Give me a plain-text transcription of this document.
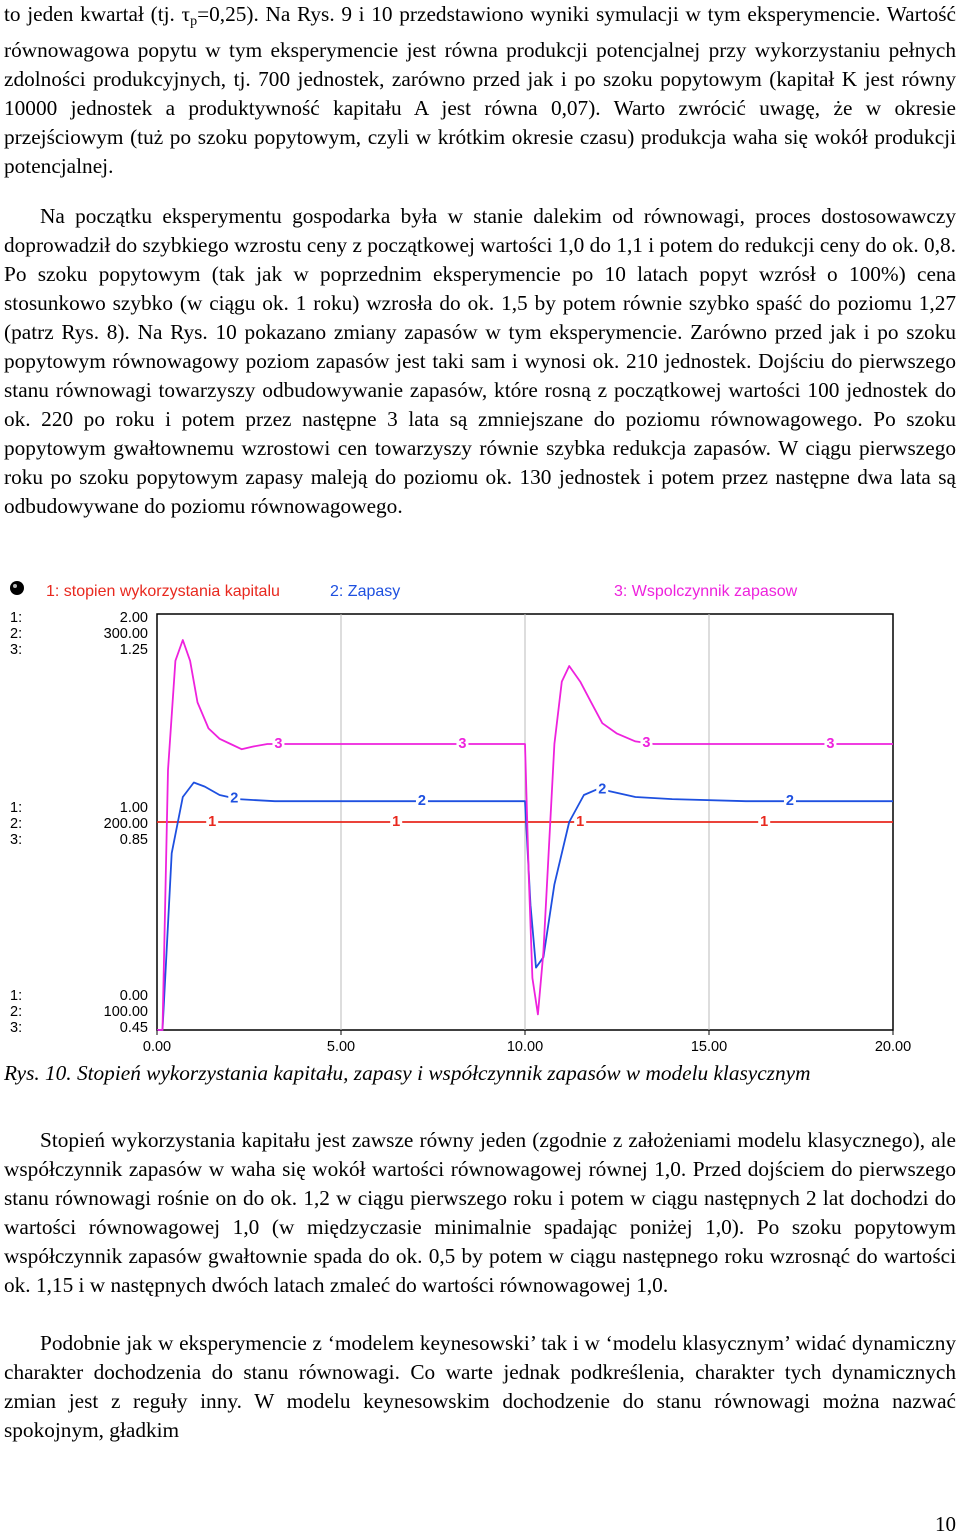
to jeden kwartał (tj. $\tau_p=0,25$). Na Rys. 9 i 10 przedstawiono wyniki symulacji w tym eksperymencie. Wartość równowagowa popytu w tym eksperymencie jest równa produkcji potencjalnej przy wykorzystaniu pełnych zdolności produkcyjnych, tj. 700 jednostek, zarówno przed jak i po szoku popytowym (kapitał K jest równy 10000 jednostek a produktywność kapitału A jest równa 0,07). Warto zwrócić uwagę, że w okresie przejściowym (tuż po szoku popytowym, czyli w krótkim okresie czasu) produkcja waha się wokół produkcji potencjalnej.

Na początku eksperymentu gospodarka była w stanie dalekim od równowagi, proces dostosowawczy doprowadził do szybkiego wzrostu ceny z początkowej wartości 1,0 do 1,1 i potem do redukcji ceny do ok. 0,8. Po szoku popytowym (tak jak w poprzednim eksperymencie po 10 latach popyt wzrósł o 100%) cena stosunkowo szybko (w ciągu ok. 1 roku) wzrosła do ok. 1,5 by potem równie szybko spaść do poziomu 1,27 (patrz Rys. 8). Na Rys. 10 pokazano zmiany zapasów w tym eksperymencie. Zarówno przed jak i po szoku popytowym równowagowy poziom zapasów jest taki sam i wynosi ok. 210 jednostek. Dojściu do pierwszego stanu równowagi towarzyszy odbudowywanie zapasów, które rosną z początkowej wartości 100 jednostek do ok. 220 po roku i potem przez następne 3 lata są zmniejszane do poziomu równowagowego. Po szoku popytowym gwałtownemu wzrostowi cen towarzyszy równie szybka redukcja zapasów. W ciągu pierwszego roku po szoku popytowym zapasy maleją do poziomu ok. 130 jednostek i potem przez następne dwa lata są odbudowywane do poziomu równowagowego.

1: stopien wykorzystania kapitalu	2: Zapasy	3: Wspolczynnik zapasow
1:
2:
3:
2.00
300.00
1.25
1:
2:
3:
1.00
200.00
0.85
1:
2:
3:
0.00
100.00
0.45
1	1	1	1
2	2
2
2
3	3	3	3
0.00	5.00	10.00	15.00	20.00
Rys. 10. Stopień wykorzystania kapitału, zapasy i współczynnik zapasów w modelu klasycznym

Stopień wykorzystania kapitału jest zawsze równy jeden (zgodnie z założeniami modelu klasycznego), ale współczynnik zapasów w waha się wokół wartości równowagowej równej 1,0. Przed dojściem do pierwszego stanu równowagi rośnie on do ok. 1,2 w ciągu pierwszego roku i potem w ciągu następnych 2 lat dochodzi do wartości równowagowej 1,0 (w międzyczasie minimalnie spadając poniżej 1,0). Po szoku popytowym współczynnik zapasów gwałtownie spada do ok. 0,5 by potem w ciągu następnego roku wzrosnąć do wartości ok. 1,15 i w następnych dwóch latach zmaleć do wartości równowagowej 1,0.

Podobnie jak w eksperymencie z ‘modelem keynesowski’ tak i w ‘modelu klasycznym’ widać dynamiczny charakter dochodzenia do stanu równowagi. Co warte jednak podkreślenia, charakter tych dynamicznych zmian jest z reguły inny. W modelu keynesowskim dochodzenie do stanu równowagi można nazwać spokojnym, gładkim

10
